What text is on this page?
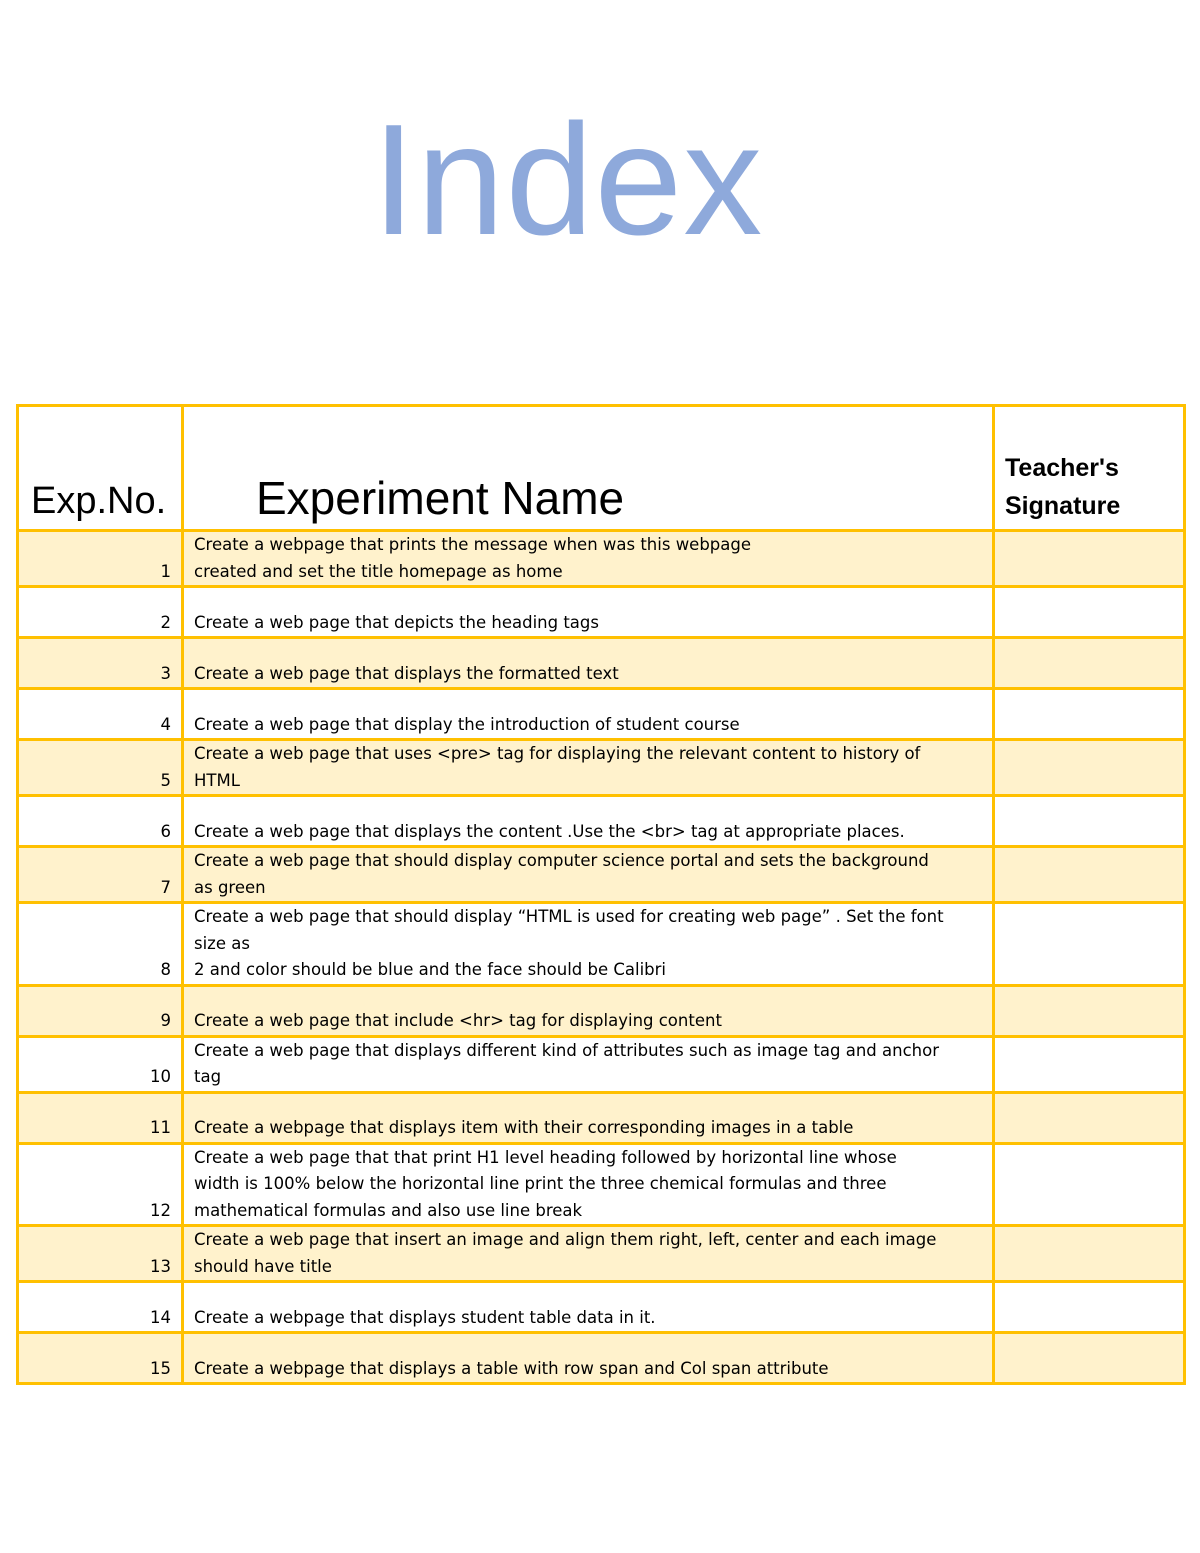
Index
Exp.No.	Experiment Name	Teacher's Signature
1	Create a webpage that prints the message when was this webpage
created and set the title homepage as home	
2	Create a web page that depicts the heading tags	
3	Create a web page that displays the formatted text	
4	Create a web page that display the introduction of student course	
5	Create a web page that uses <pre> tag for displaying the relevant content to history of
HTML	
6	Create a web page that displays the content .Use the <br> tag at appropriate places.	
7	Create a web page that should display computer science portal and sets the background
as green	
8	Create a web page that should display “HTML is used for creating web page” . Set the font
size as
2 and color should be blue and the face should be Calibri	
9	Create a web page that include <hr> tag for displaying content	
10	Create a web page that displays different kind of attributes such as image tag and anchor
tag	
11	Create a webpage that displays item with their corresponding images in a table	
12	Create a web page that that print H1 level heading followed by horizontal line whose
width is 100% below the horizontal line print the three chemical formulas and three
mathematical formulas and also use line break	
13	Create a web page that insert an image and align them right, left, center and each image
should have title	
14	Create a webpage that displays student table data in it.	
15	Create a webpage that displays a table with row span and Col span attribute	
